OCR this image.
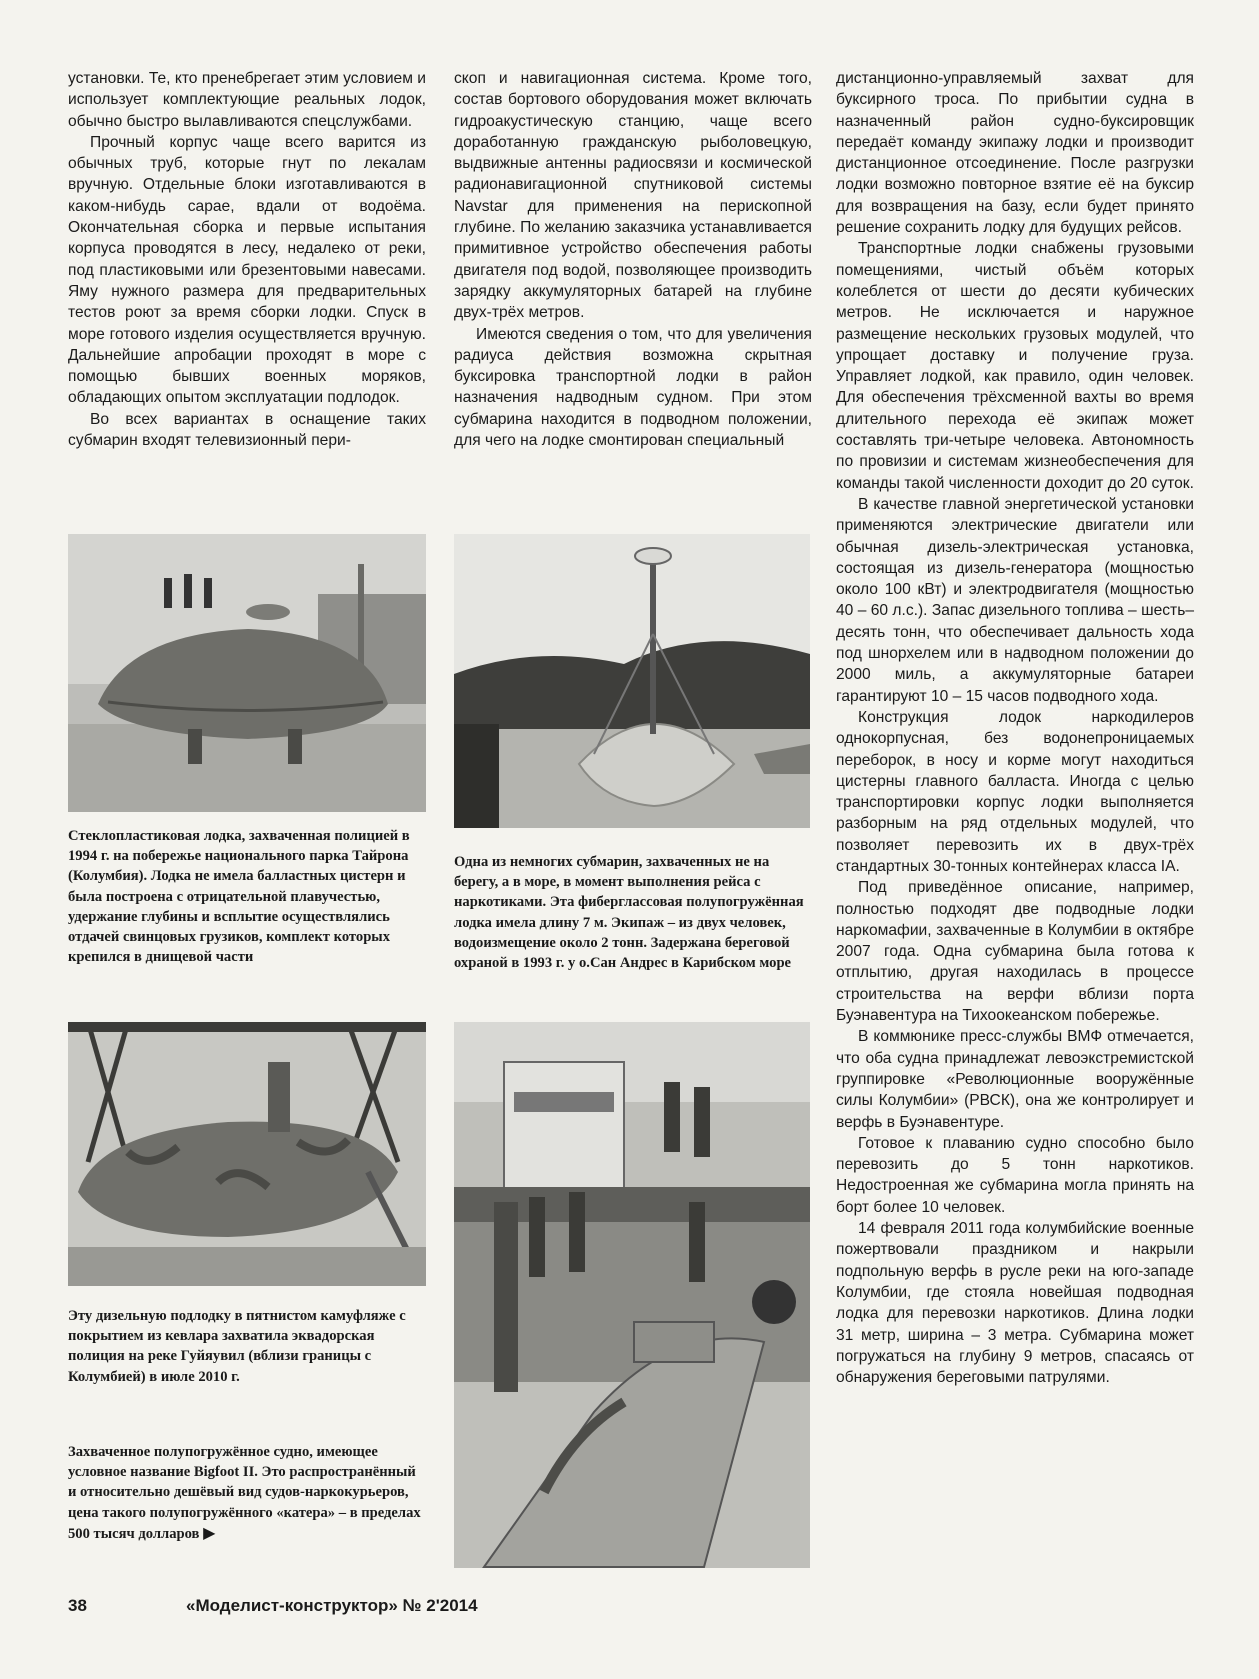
установки. Те, кто пренебрегает этим условием и использует комплектующие реальных лодок, обычно быстро вылавливаются спецслужбами.

Прочный корпус чаще всего варится из обычных труб, которые гнут по лекалам вручную. Отдельные блоки изготавливаются в каком-нибудь сарае, вдали от водоёма. Окончательная сборка и первые испытания корпуса проводятся в лесу, недалеко от реки, под пластиковыми или брезентовыми навесами. Яму нужного размера для предварительных тестов роют за время сборки лодки. Спуск в море готового изделия осуществляется вручную. Дальнейшие апробации проходят в море с помощью бывших военных моряков, обладающих опытом эксплуатации подлодок.

Во всех вариантах в оснащение таких субмарин входят телевизионный пери-

скоп и навигационная система. Кроме того, состав бортового оборудования может включать гидроакустическую станцию, чаще всего доработанную гражданскую рыболовецкую, выдвижные антенны радиосвязи и космической радионавигационной спутниковой системы Navstar для применения на перископной глубине. По желанию заказчика устанавливается примитивное устройство обеспечения работы двигателя под водой, позволяющее производить зарядку аккумуляторных батарей на глубине двух-трёх метров.

Имеются сведения о том, что для увеличения радиуса действия возможна скрытная буксировка транспортной лодки в район назначения надводным судном. При этом субмарина находится в подводном положении, для чего на лодке смонтирован специальный

дистанционно-управляемый захват для буксирного троса. По прибытии судна в назначенный район судно-буксировщик передаёт команду экипажу лодки и производит дистанционное отсоединение. После разгрузки лодки возможно повторное взятие её на буксир для возвращения на базу, если будет принято решение сохранить лодку для будущих рейсов.

Транспортные лодки снабжены грузовыми помещениями, чистый объём которых колеблется от шести до десяти кубических метров. Не исключается и наружное размещение нескольких грузовых модулей, что упрощает доставку и получение груза. Управляет лодкой, как правило, один человек. Для обеспечения трёхсменной вахты во время длительного перехода её экипаж может составлять три-четыре человека. Автономность по провизии и системам жизнеобеспечения для команды такой численности доходит до 20 суток.

В качестве главной энергетической установки применяются электрические двигатели или обычная дизель-электрическая установка, состоящая из дизель-генератора (мощностью около 100 кВт) и электродвигателя (мощностью 40 – 60 л.с.). Запас дизельного топлива – шесть–десять тонн, что обеспечивает дальность хода под шнорхелем или в надводном положении до 2000 миль, а аккумуляторные батареи гарантируют 10 – 15 часов подводного хода.

Конструкция лодок наркодилеров однокорпусная, без водонепроницаемых переборок, в носу и корме могут находиться цистерны главного балласта. Иногда с целью транспортировки корпус лодки выполняется разборным на ряд отдельных модулей, что позволяет перевозить их в двух-трёх стандартных 30-тонных контейнерах класса IA.

Под приведённое описание, например, полностью подходят две подводные лодки наркомафии, захваченные в Колумбии в октябре 2007 года. Одна субмарина была готова к отплытию, другая находилась в процессе строительства на верфи вблизи порта Буэнавентура на Тихоокеанском побережье.

В коммюнике пресс-службы ВМФ отмечается, что оба судна принадлежат левоэкстремистской группировке «Революционные вооружённые силы Колумбии» (РВСК), она же контролирует и верфь в Буэнавентуре.

Готовое к плаванию судно способно было перевозить до 5 тонн наркотиков. Недостроенная же субмарина могла принять на борт более 10 человек.

14 февраля 2011 года колумбийские военные пожертвовали праздником и накрыли подпольную верфь в русле реки на юго-западе Колумбии, где стояла новейшая подводная лодка для перевозки наркотиков. Длина лодки 31 метр, ширина – 3 метра. Субмарина может погружаться на глубину 9 метров, спасаясь от обнаружения береговыми патрулями.

Стеклопластиковая лодка, захваченная полицией в 1994 г. на побережье национального парка Тайрона (Колумбия). Лодка не имела балластных цистерн и была построена с отрицательной плавучестью, удержание глубины и всплытие осуществлялись отдачей свинцовых грузиков, комплект которых крепился в днищевой части

Одна из немногих субмарин, захваченных не на берегу, а в море, в момент выполнения рейса с наркотиками. Эта фиберглассовая полупогружённая лодка имела длину 7 м. Экипаж – из двух человек, водоизмещение около 2 тонн. Задержана береговой охраной в 1993 г. у о.Сан Андрес в Карибском море

Эту дизельную подлодку в пятнистом камуфляже с покрытием из кевлара захватила эквадорская полиция на реке Гуйяувил (вблизи границы с Колумбией) в июле 2010 г.

Захваченное полупогружённое судно, имеющее условное название Bigfoot II. Это распространённый и относительно дешёвый вид судов-наркокурьеров, цена такого полупогружённого «катера» – в пределах 500 тысяч долларов ▶

38	«Моделист-конструктор» № 2'2014
